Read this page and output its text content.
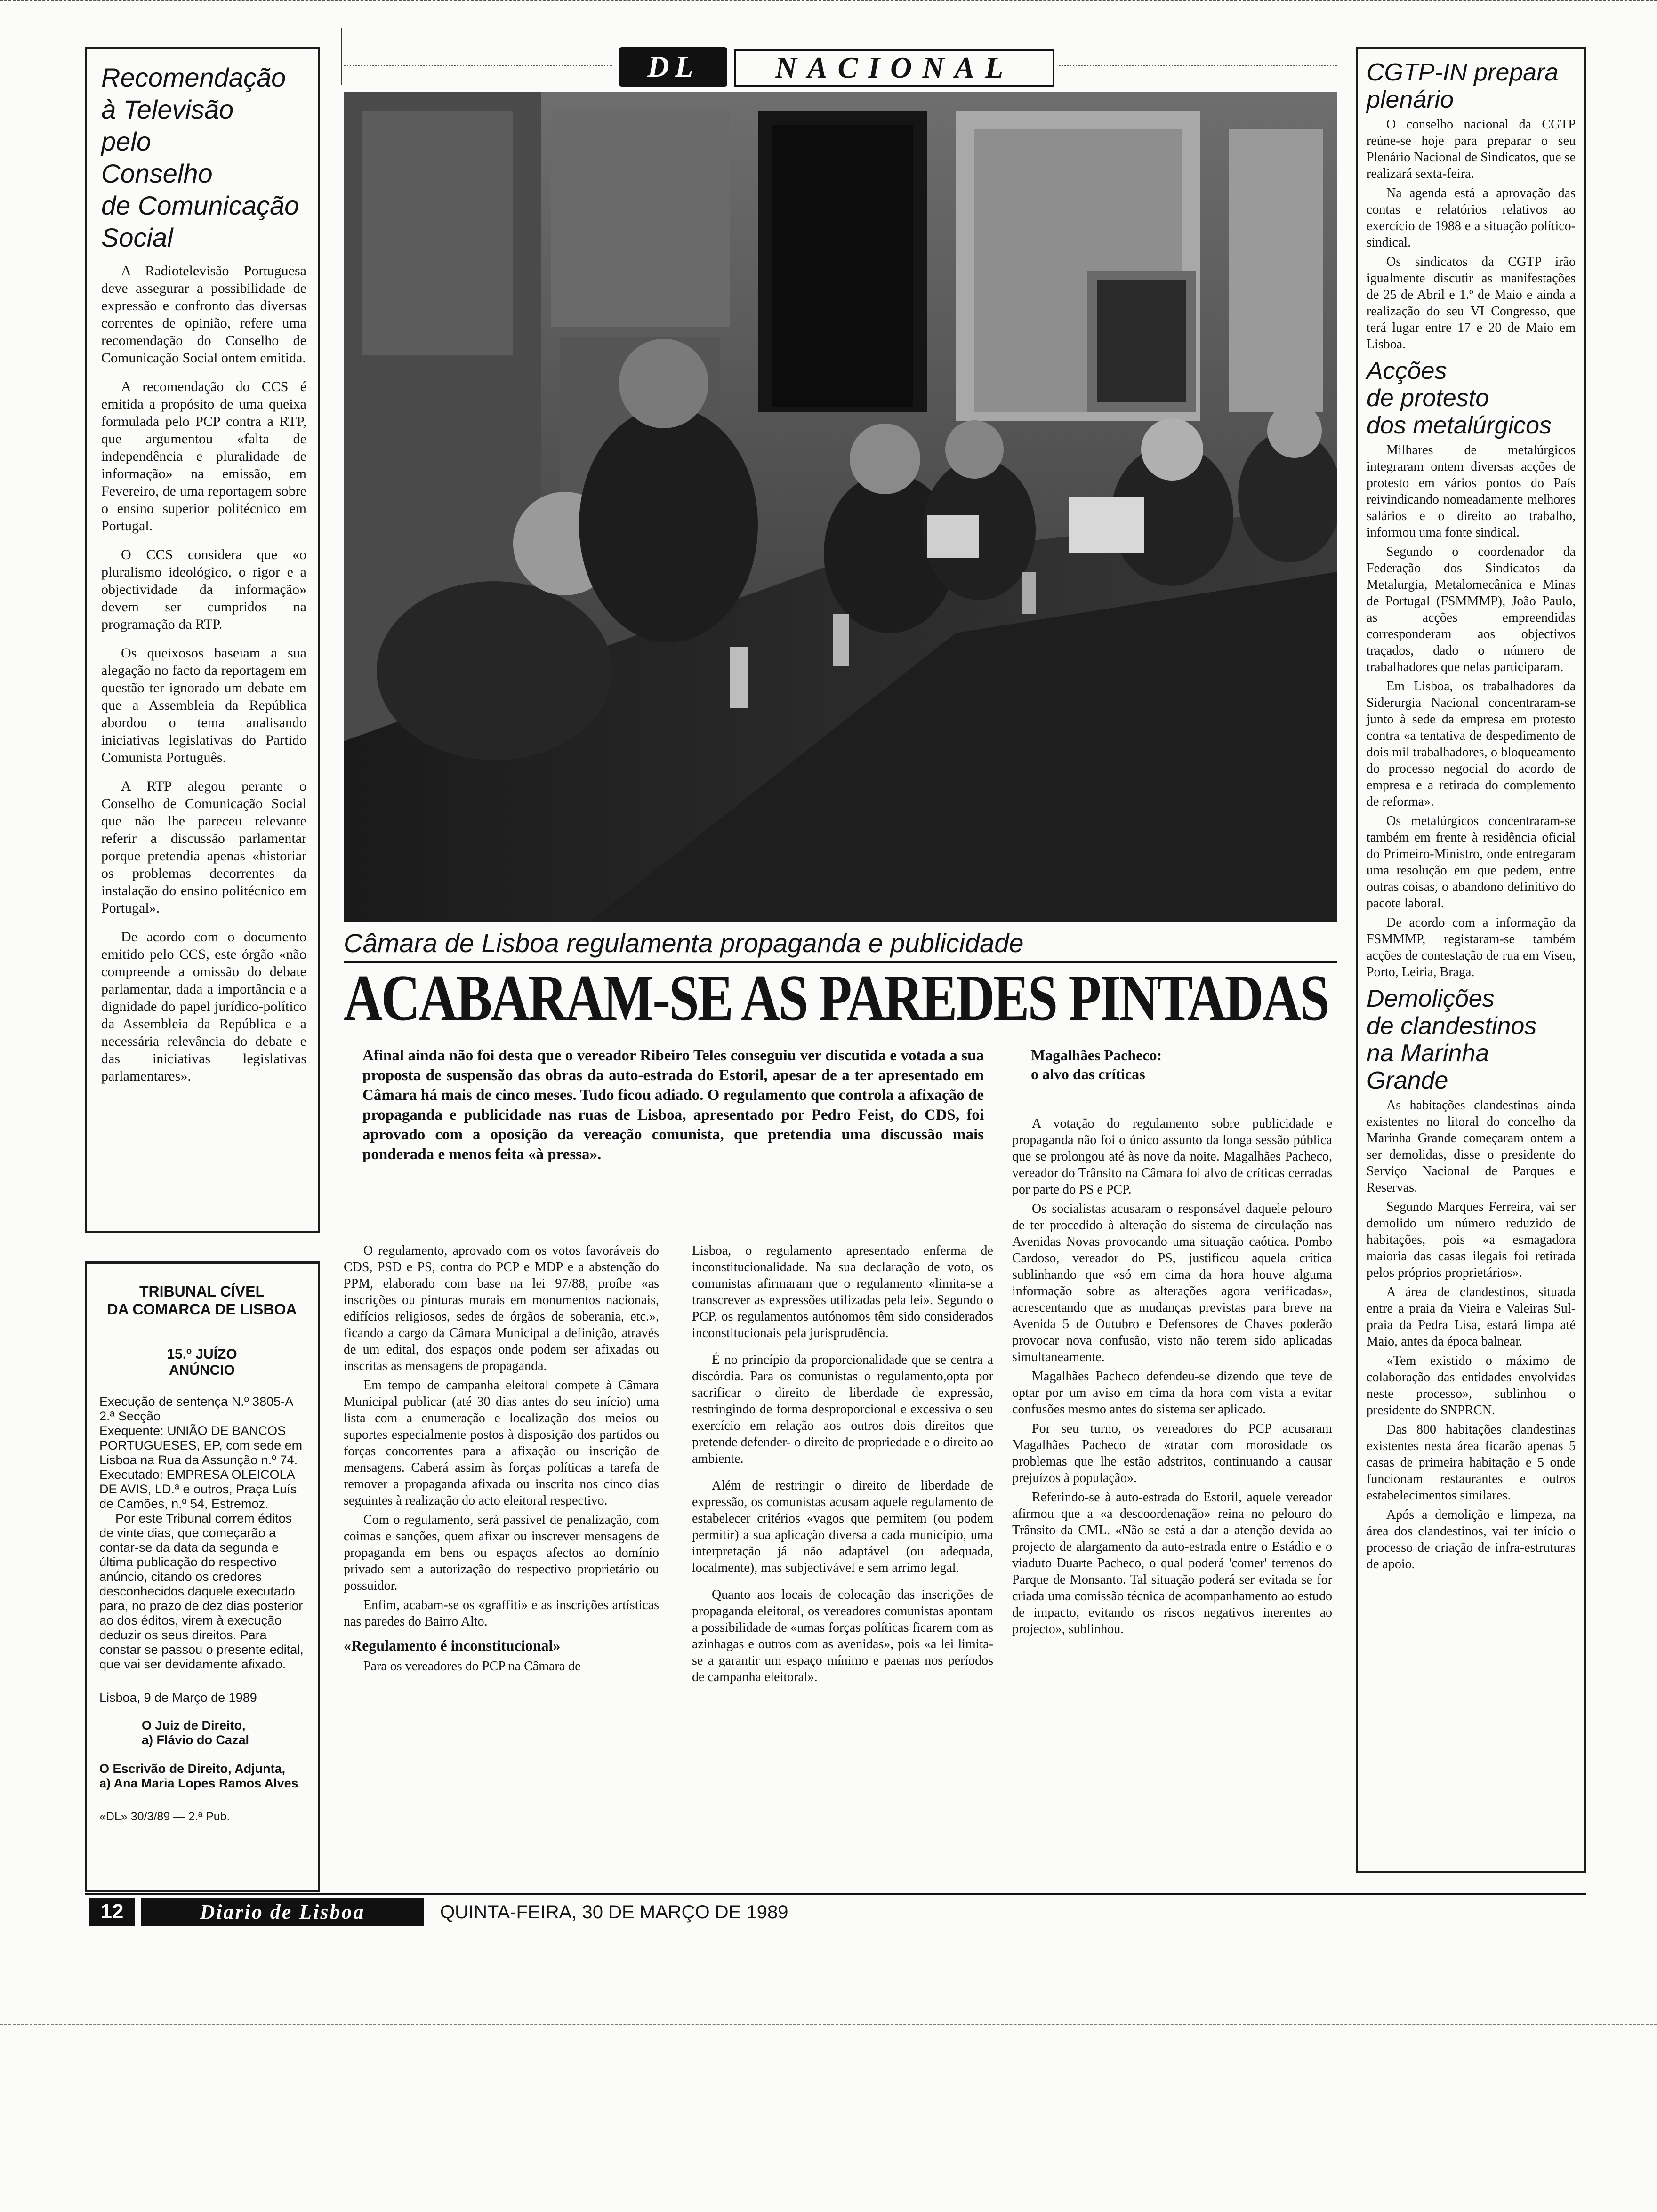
Recomendação
à Televisão
pelo
Conselho
de Comunicação
Social

A Radiotelevisão Portuguesa deve assegurar a possibilidade de expressão e confronto das diversas correntes de opinião, refere uma recomendação do Conselho de Comunicação Social ontem emitida.

A recomendação do CCS é emitida a propósito de uma queixa formulada pelo PCP contra a RTP, que argumentou «falta de independência e pluralidade de informação» na emissão, em Fevereiro, de uma reportagem sobre o ensino superior politécnico em Portugal.

O CCS considera que «o pluralismo ideológico, o rigor e a objectividade da informação» devem ser cumpridos na programação da RTP.

Os queixosos baseiam a sua alegação no facto da reportagem em questão ter ignorado um debate em que a Assembleia da República abordou o tema analisando iniciativas legislativas do Partido Comunista Português.

A RTP alegou perante o Conselho de Comunicação Social que não lhe pareceu relevante referir a discussão parlamentar porque pretendia apenas «historiar os problemas decorrentes da instalação do ensino politécnico em Portugal».

De acordo com o documento emitido pelo CCS, este órgão «não compreende a omissão do debate parlamentar, dada a importância e a dignidade do papel jurídico-político da Assembleia da República e a necessária relevância do debate e das iniciativas legislativas parlamentares».

TRIBUNAL CÍVEL
DA COMARCA DE LISBOA
15.º JUÍZO
ANÚNCIO
Execução de sentença N.º 3805-A 2.ª Secção
Exequente: UNIÃO DE BANCOS PORTUGUESES, EP, com sede em Lisboa na Rua da Assunção n.º 74.
Executado: EMPRESA OLEICOLA DE AVIS, LD.ª e outros, Praça Luís de Camões, n.º 54, Estremoz.
Por este Tribunal correm éditos de vinte dias, que começarão a contar-se da data da segunda e última publicação do respectivo anúncio, citando os credores desconhecidos daquele executado para, no prazo de dez dias posterior ao dos éditos, virem à execução deduzir os seus direitos. Para constar se passou o presente edital, que vai ser devidamente afixado.
Lisboa, 9 de Março de 1989
O Juiz de Direito,
a) Flávio do Cazal
O Escrivão de Direito, Adjunta,
a) Ana Maria Lopes Ramos Alves
«DL» 30/3/89 — 2.ª Pub.
DL	NACIONAL
Câmara de Lisboa regulamenta propaganda e publicidade
ACABARAM-SE AS PAREDES PINTADAS
Afinal ainda não foi desta que o vereador Ribeiro Teles conseguiu ver discutida e votada a sua proposta de suspensão das obras da auto-estrada do Estoril, apesar de a ter apresentado em Câmara há mais de cinco meses. Tudo ficou adiado. O regulamento que controla a afixação de propaganda e publicidade nas ruas de Lisboa, apresentado por Pedro Feist, do CDS, foi aprovado com a oposição da vereação comunista, que pretendia uma discussão mais ponderada e menos feita «à pressa».
Magalhães Pacheco:
o alvo das críticas

O regulamento, aprovado com os votos favoráveis do CDS, PSD e PS, contra do PCP e MDP e a abstenção do PPM, elaborado com base na lei 97/88, proíbe «as inscrições ou pinturas murais em monumentos nacionais, edifícios religiosos, sedes de órgãos de soberania, etc.», ficando a cargo da Câmara Municipal a definição, através de um edital, dos espaços onde podem ser afixadas ou inscritas as mensagens de propaganda.

Em tempo de campanha eleitoral compete à Câmara Municipal publicar (até 30 dias antes do seu início) uma lista com a enumeração e localização dos meios ou suportes especialmente postos à disposição dos partidos ou forças concorrentes para a afixação ou inscrição de mensagens. Caberá assim às forças políticas a tarefa de remover a propaganda afixada ou inscrita nos cinco dias seguintes à realização do acto eleitoral respectivo.

Com o regulamento, será passível de penalização, com coimas e sanções, quem afixar ou inscrever mensagens de propaganda em bens ou espaços afectos ao domínio privado sem a autorização do respectivo proprietário ou possuidor.

Enfim, acabam-se os «graffiti» e as inscrições artísticas nas paredes do Bairro Alto.

«Regulamento é inconstitucional»

Para os vereadores do PCP na Câmara de

Lisboa, o regulamento apresentado enferma de inconstitucionalidade. Na sua declaração de voto, os comunistas afirmaram que o regulamento «limita-se a transcrever as expressões utilizadas pela lei». Segundo o PCP, os regulamentos autónomos têm sido considerados inconstitucionais pela jurisprudência.

É no princípio da proporcionalidade que se centra a discórdia. Para os comunistas o regulamento,opta por sacrificar o direito de liberdade de expressão, restringindo de forma desproporcional e excessiva o seu exercício em relação aos outros dois direitos que pretende defender- o direito de propriedade e o direito ao ambiente.

Além de restringir o direito de liberdade de expressão, os comunistas acusam aquele regulamento de estabelecer critérios «vagos que permitem (ou podem permitir) a sua aplicação diversa a cada município, uma interpretação já não adaptável (ou adequada, localmente), mas subjectivável e sem arrimo legal.

Quanto aos locais de colocação das inscrições de propaganda eleitoral, os vereadores comunistas apontam a possibilidade de «umas forças políticas ficarem com as azinhagas e outros com as avenidas», pois «a lei limita-se a garantir um espaço mínimo e paenas nos períodos de campanha eleitoral».

A votação do regulamento sobre publicidade e propaganda não foi o único assunto da longa sessão pública que se prolongou até às nove da noite. Magalhães Pacheco, vereador do Trânsito na Câmara foi alvo de críticas cerradas por parte do PS e PCP.

Os socialistas acusaram o responsável daquele pelouro de ter procedido à alteração do sistema de circulação nas Avenidas Novas provocando uma situação caótica. Pombo Cardoso, vereador do PS, justificou aquela crítica sublinhando que «só em cima da hora houve alguma informação sobre as alterações agora verificadas», acrescentando que as mudanças previstas para breve na Avenida 5 de Outubro e Defensores de Chaves poderão provocar nova confusão, visto não terem sido aplicadas simultaneamente.

Magalhães Pacheco defendeu-se dizendo que teve de optar por um aviso em cima da hora com vista a evitar confusões mesmo antes do sistema ser aplicado.

Por seu turno, os vereadores do PCP acusaram Magalhães Pacheco de «tratar com morosidade os problemas que lhe estão adstritos, continuando a causar prejuízos à população».

Referindo-se à auto-estrada do Estoril, aquele vereador afirmou que a «a descoordenação» reina no pelouro do Trânsito da CML. «Não se está a dar a atenção devida ao projecto de alargamento da auto-estrada entre o Estádio e o viaduto Duarte Pacheco, o qual poderá 'comer' terrenos do Parque de Monsanto. Tal situação poderá ser evitada se for criada uma comissão técnica de acompanhamento ao estudo de impacto, evitando os riscos negativos inerentes ao projecto», sublinhou.

CGTP-IN prepara
plenário

O conselho nacional da CGTP reúne-se hoje para preparar o seu Plenário Nacional de Sindicatos, que se realizará sexta-feira.

Na agenda está a aprovação das contas e relatórios relativos ao exercício de 1988 e a situação político-sindical.

Os sindicatos da CGTP irão igualmente discutir as manifestações de 25 de Abril e 1.º de Maio e ainda a realização do seu VI Congresso, que terá lugar entre 17 e 20 de Maio em Lisboa.

Acções
de protesto
dos metalúrgicos

Milhares de metalúrgicos integraram ontem diversas acções de protesto em vários pontos do País reivindicando nomeadamente melhores salários e o direito ao trabalho, informou uma fonte sindical.

Segundo o coordenador da Federação dos Sindicatos da Metalurgia, Metalomecânica e Minas de Portugal (FSMMMP), João Paulo, as acções empreendidas corresponderam aos objectivos traçados, dado o número de trabalhadores que nelas participaram.

Em Lisboa, os trabalhadores da Siderurgia Nacional concentraram-se junto à sede da empresa em protesto contra «a tentativa de despedimento de dois mil trabalhadores, o bloqueamento do processo negocial do acordo de empresa e a retirada do complemento de reforma».

Os metalúrgicos concentraram-se também em frente à residência oficial do Primeiro-Ministro, onde entregaram uma resolução em que pedem, entre outras coisas, o abandono definitivo do pacote laboral.

De acordo com a informação da FSMMMP, registaram-se também acções de contestação de rua em Viseu, Porto, Leiria, Braga.

Demolições
de clandestinos
na Marinha
Grande

As habitações clandestinas ainda existentes no litoral do concelho da Marinha Grande começaram ontem a ser demolidas, disse o presidente do Serviço Nacional de Parques e Reservas.

Segundo Marques Ferreira, vai ser demolido um número reduzido de habitações, pois «a esmagadora maioria das casas ilegais foi retirada pelos próprios proprietários».

A área de clandestinos, situada entre a praia da Vieira e Valeiras Sul-praia da Pedra Lisa, estará limpa até Maio, antes da época balnear.

«Tem existido o máximo de colaboração das entidades envolvidas neste processo», sublinhou o presidente do SNPRCN.

Das 800 habitações clandestinas existentes nesta área ficarão apenas 5 casas de primeira habitação e 5 onde funcionam restaurantes e outros estabelecimentos similares.

Após a demolição e limpeza, na área dos clandestinos, vai ter início o processo de criação de infra-estruturas de apoio.

12	Diario de Lisboa	QUINTA-FEIRA, 30 DE MARÇO DE 1989
